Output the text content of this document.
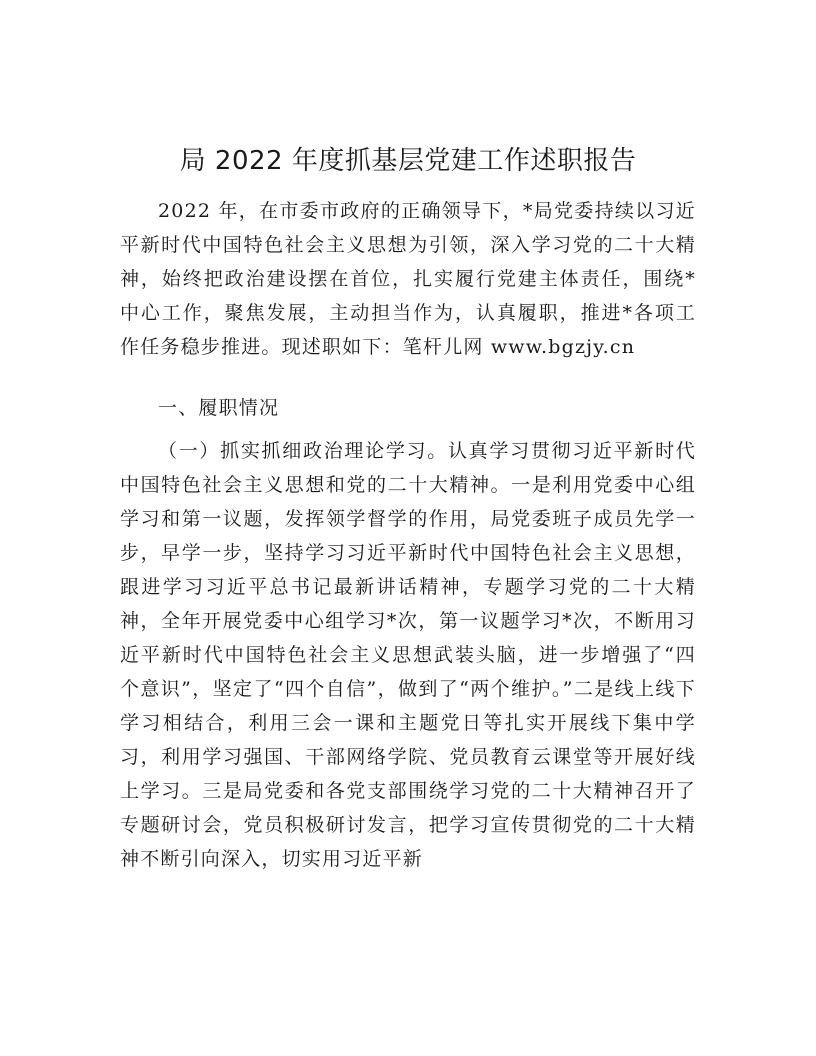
局 2022 年度抓基层党建工作述职报告

2022 年，在市委市政府的正确领导下，*局党委持续以习近平新时代中国特色社会主义思想为引领，深入学习党的二十大精神，始终把政治建设摆在首位，扎实履行党建主体责任，围绕*中心工作，聚焦发展，主动担当作为，认真履职，推进*各项工作任务稳步推进。现述职如下：笔杆儿网 www.bgzjy.cn

一、履职情况

（一）抓实抓细政治理论学习。认真学习贯彻习近平新时代中国特色社会主义思想和党的二十大精神。一是利用党委中心组学习和第一议题，发挥领学督学的作用，局党委班子成员先学一步，早学一步，坚持学习习近平新时代中国特色社会主义思想，跟进学习习近平总书记最新讲话精神，专题学习党的二十大精神，全年开展党委中心组学习*次，第一议题学习*次，不断用习近平新时代中国特色社会主义思想武装头脑，进一步增强了“四个意识”，坚定了“四个自信”，做到了“两个维护。”二是线上线下学习相结合，利用三会一课和主题党日等扎实开展线下集中学习，利用学习强国、干部网络学院、党员教育云课堂等开展好线上学习。三是局党委和各党支部围绕学习党的二十大精神召开了专题研讨会，党员积极研讨发言，把学习宣传贯彻党的二十大精神不断引向深入，切实用习近平新
